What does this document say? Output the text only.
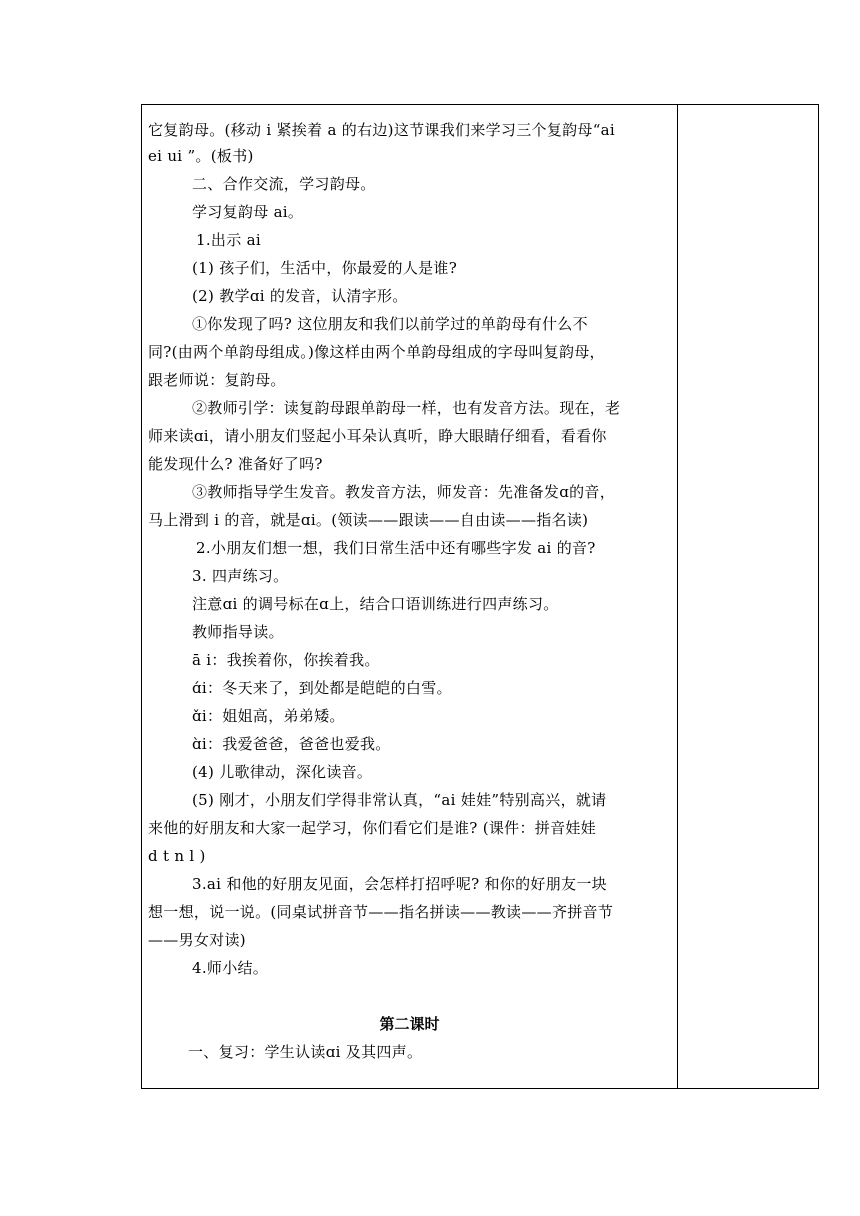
它复韵母。(移动 i 紧挨着 a 的右边)这节课我们来学习三个复韵母“ai
ei ui ”。(板书)
二、合作交流，学习韵母。
学习复韵母 ai。
1.出示 ai
(1) 孩子们，生活中，你最爱的人是谁?
(2) 教学ɑi 的发音，认清字形。
①你发现了吗? 这位朋友和我们以前学过的单韵母有什么不
同?(由两个单韵母组成。)像这样由两个单韵母组成的字母叫复韵母，
跟老师说：复韵母。
②教师引学：读复韵母跟单韵母一样，也有发音方法。现在，老
师来读ɑi，请小朋友们竖起小耳朵认真听，睁大眼睛仔细看，看看你
能发现什么? 准备好了吗?
③教师指导学生发音。教发音方法，师发音：先准备发ɑ的音，
马上滑到 i 的音，就是ɑi。(领读——跟读——自由读——指名读)
2.小朋友们想一想，我们日常生活中还有哪些字发 ai 的音?
3. 四声练习。
注意ɑi 的调号标在ɑ上，结合口语训练进行四声练习。
教师指导读。
ā i：我挨着你，你挨着我。
ɑ́i：冬天来了，到处都是皑皑的白雪。
ɑ̌i：姐姐高，弟弟矮。
ɑ̀i：我爱爸爸，爸爸也爱我。
(4) 儿歌律动，深化读音。
(5) 刚才，小朋友们学得非常认真，“ai 娃娃”特别高兴，就请
来他的好朋友和大家一起学习，你们看它们是谁? (课件：拼音娃娃
d t n l )
3.ai 和他的好朋友见面，会怎样打招呼呢? 和你的好朋友一块
想一想，说一说。(同桌试拼音节——指名拼读——教读——齐拼音节
——男女对读)
4.师小结。
第二课时
一、复习：学生认读ɑi 及其四声。
